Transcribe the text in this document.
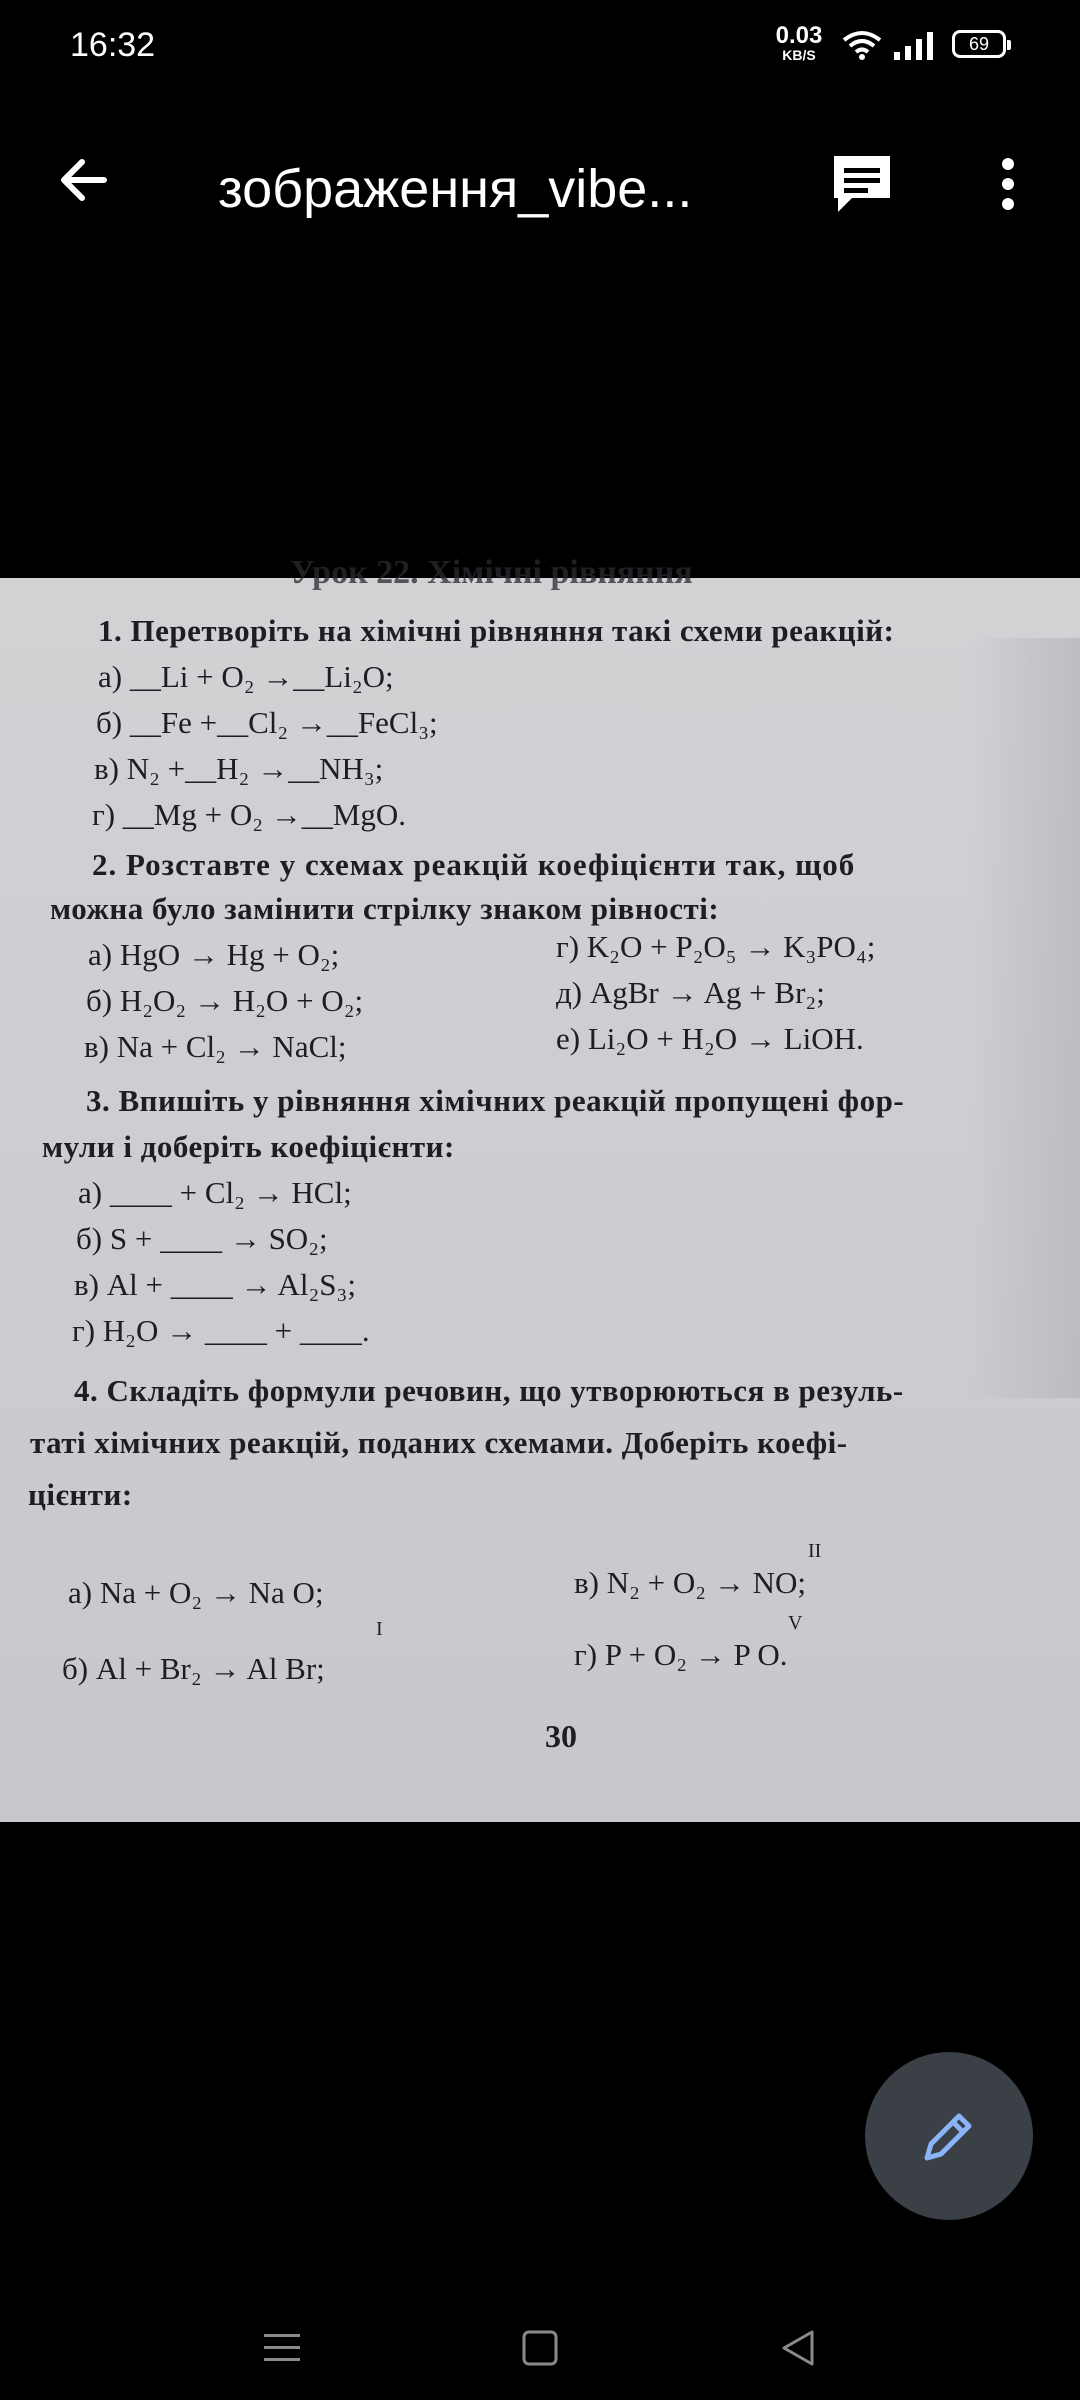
16:32	0.03
KB/S
69
зображення_vibe...
Урок 22. Хімічні рівняння
1. Перетворіть на хімічні рівняння такі схеми реакцій:
а) __Li + O₂ →__Li₂O;
б) __Fe +__Cl₂ →__FeCl₃;
в) N₂ +__H₂ →__NH₃;
г) __Mg + O₂ →__MgO.
2. Розставте у схемах реакцій коефіцієнти так, щоб
можна було замінити стрілку знаком рівності:
а) HgO → Hg + O₂;
б) H₂O₂ → H₂O + O₂;
в) Na + Cl₂ → NaCl;
г) K₂O + P₂O₅ → K₃PO₄;
д) AgBr → Ag + Br₂;
е) Li₂O + H₂O → LiOH.
3. Впишіть у рівняння хімічних реакцій пропущені фор-
мули і доберіть коефіцієнти:
а) ____ + Cl₂ → HCl;
б) S + ____ → SO₂;
в) Al + ____ → Al₂S₃;
г) H₂O → ____ + ____.
4. Складіть формули речовин, що утворюються в резуль-
таті хімічних реакцій, поданих схемами. Доберіть коефі-
цієнти:
а) Na + O₂ → Na O;
б) Al + Br₂ → Al Br;
I
в) N₂ + O₂ → NO;
II
г) P + O₂ → P O.
V
30
